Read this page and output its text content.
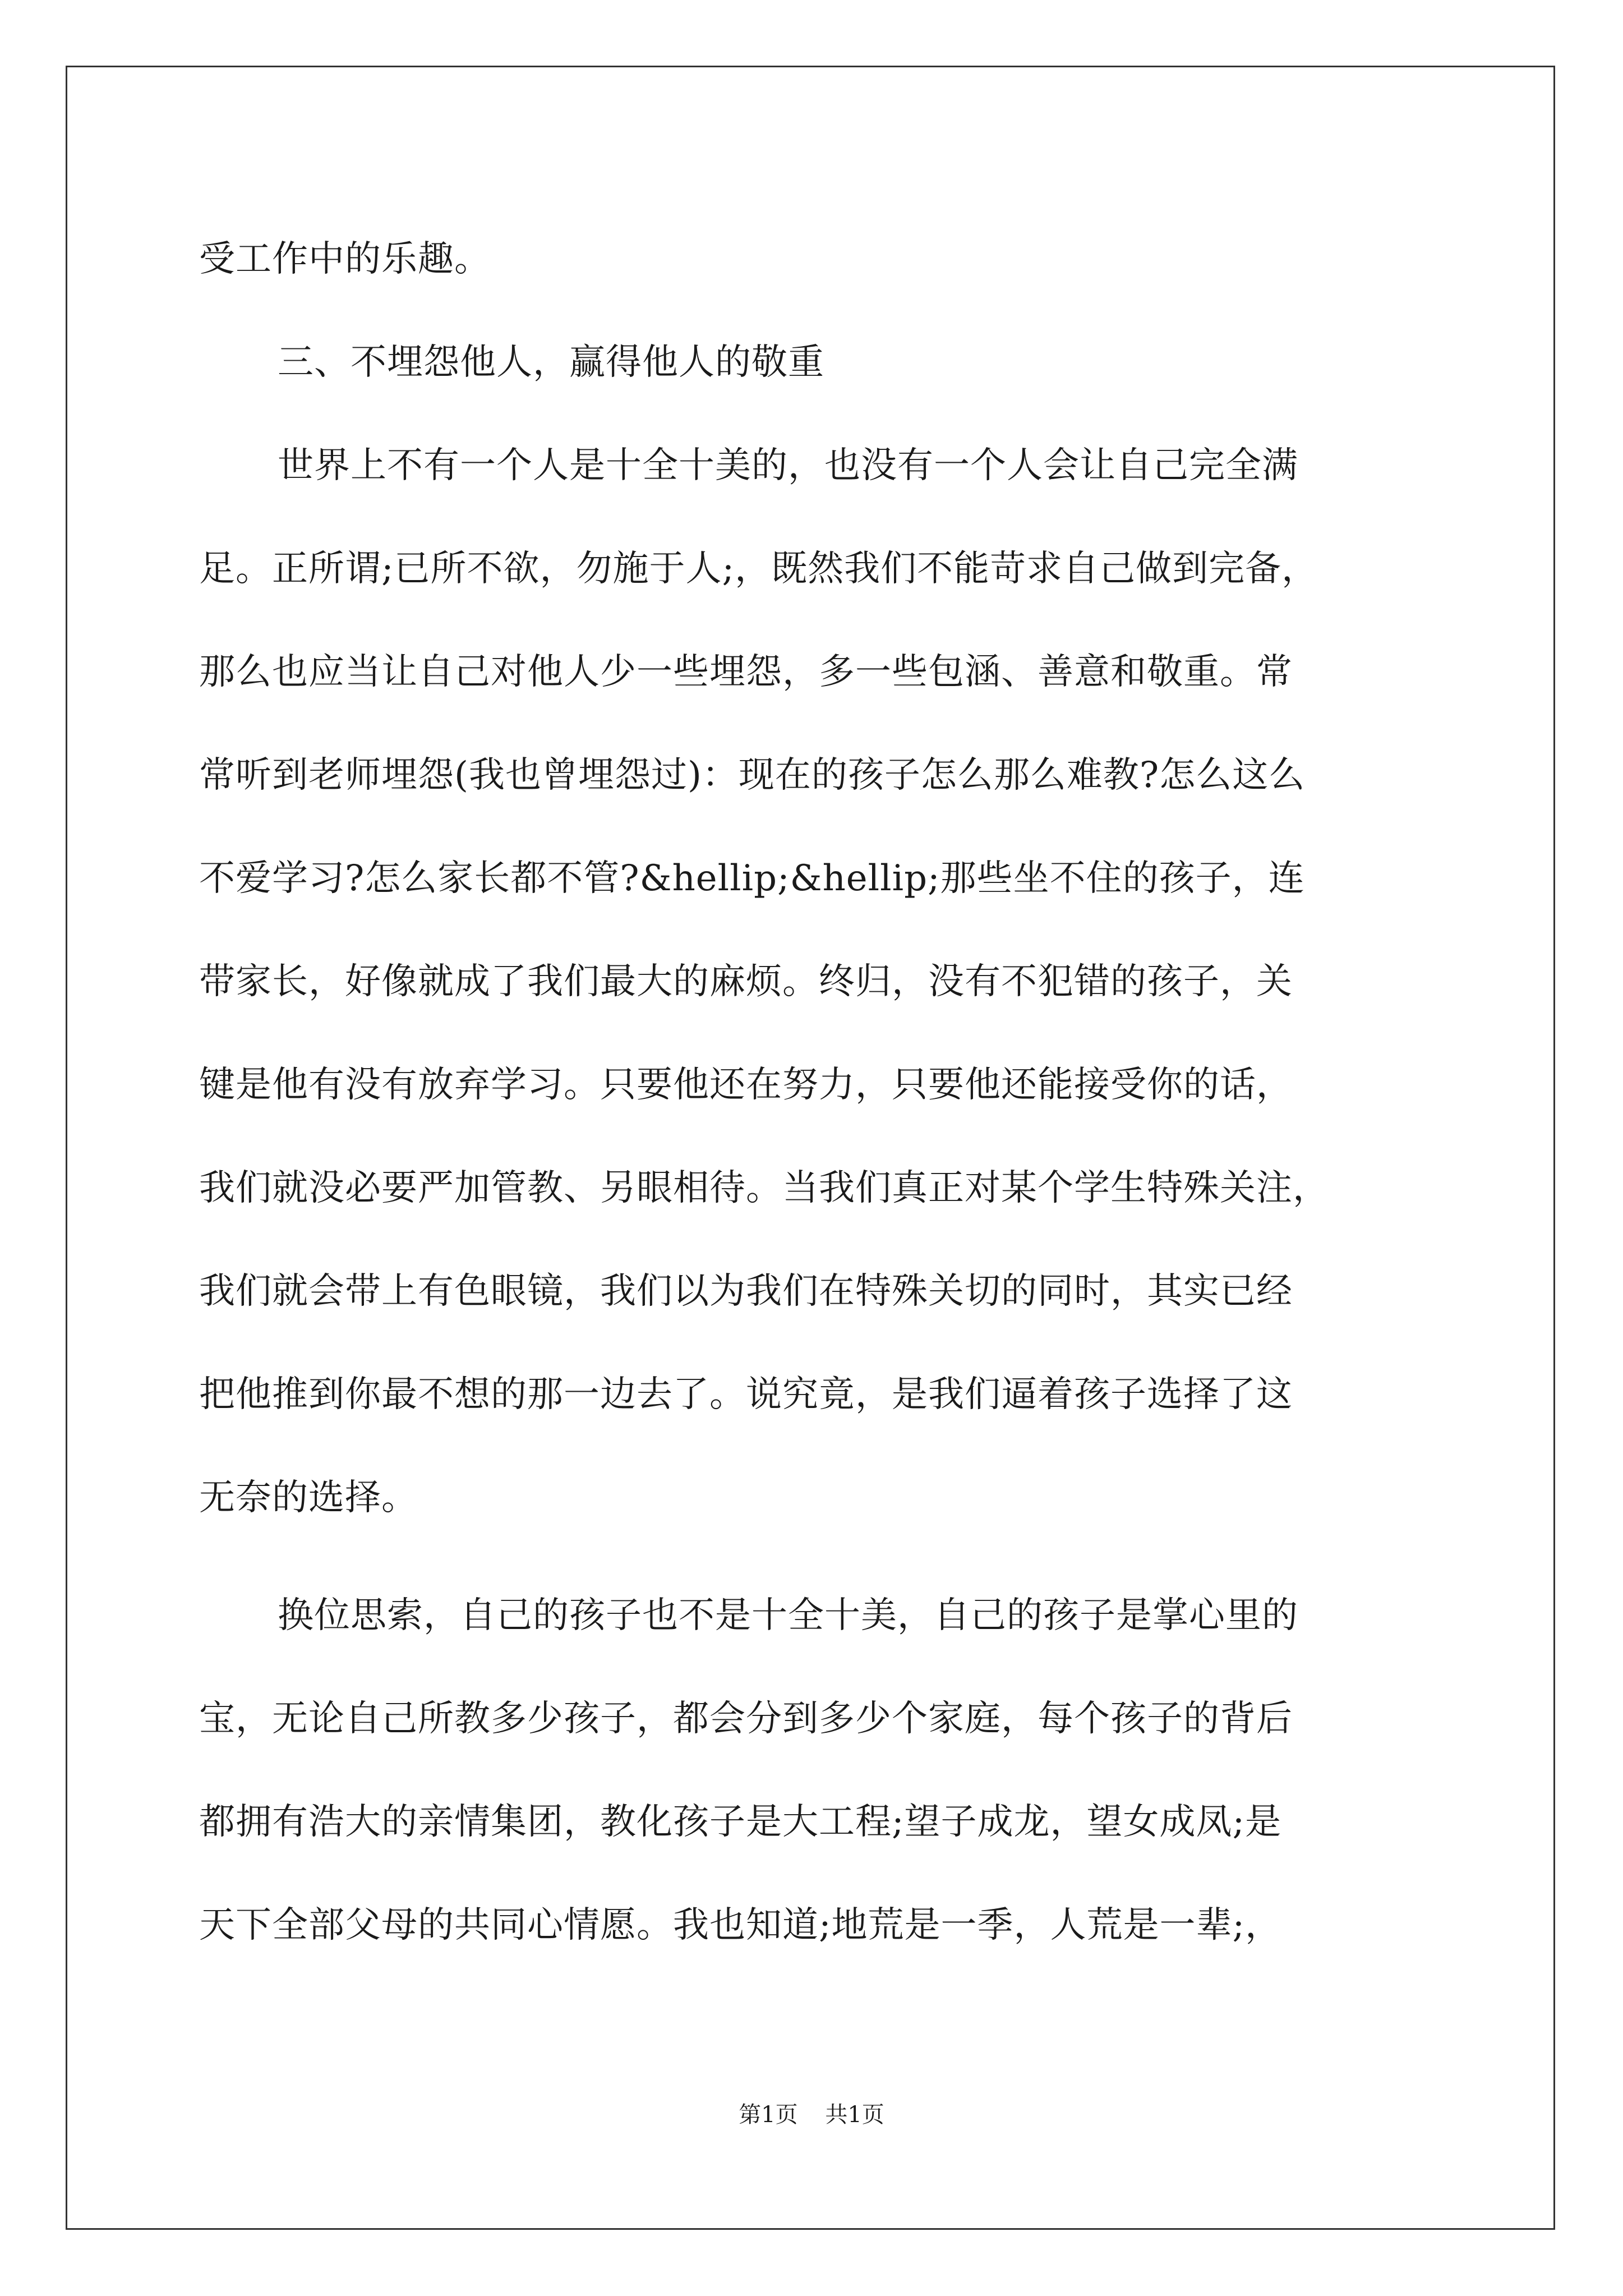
受工作中的乐趣。
三、不埋怨他人，赢得他人的敬重
世界上不有一个人是十全十美的，也没有一个人会让自己完全满
足。正所谓;已所不欲，勿施于人;，既然我们不能苛求自己做到完备，
那么也应当让自己对他人少一些埋怨，多一些包涵、善意和敬重。常
常听到老师埋怨(我也曾埋怨过)：现在的孩子怎么那么难教?怎么这么
不爱学习?怎么家长都不管?&hellip;&hellip;那些坐不住的孩子，连
带家长，好像就成了我们最大的麻烦。终归，没有不犯错的孩子，关
键是他有没有放弃学习。只要他还在努力，只要他还能接受你的话，
我们就没必要严加管教、另眼相待。当我们真正对某个学生特殊关注，
我们就会带上有色眼镜，我们以为我们在特殊关切的同时，其实已经
把他推到你最不想的那一边去了。说究竟，是我们逼着孩子选择了这
无奈的选择。
换位思索，自己的孩子也不是十全十美，自己的孩子是掌心里的
宝，无论自己所教多少孩子，都会分到多少个家庭，每个孩子的背后
都拥有浩大的亲情集团，教化孩子是大工程;望子成龙，望女成凤;是
天下全部父母的共同心情愿。我也知道;地荒是一季，人荒是一辈;，
第1页 共1页
